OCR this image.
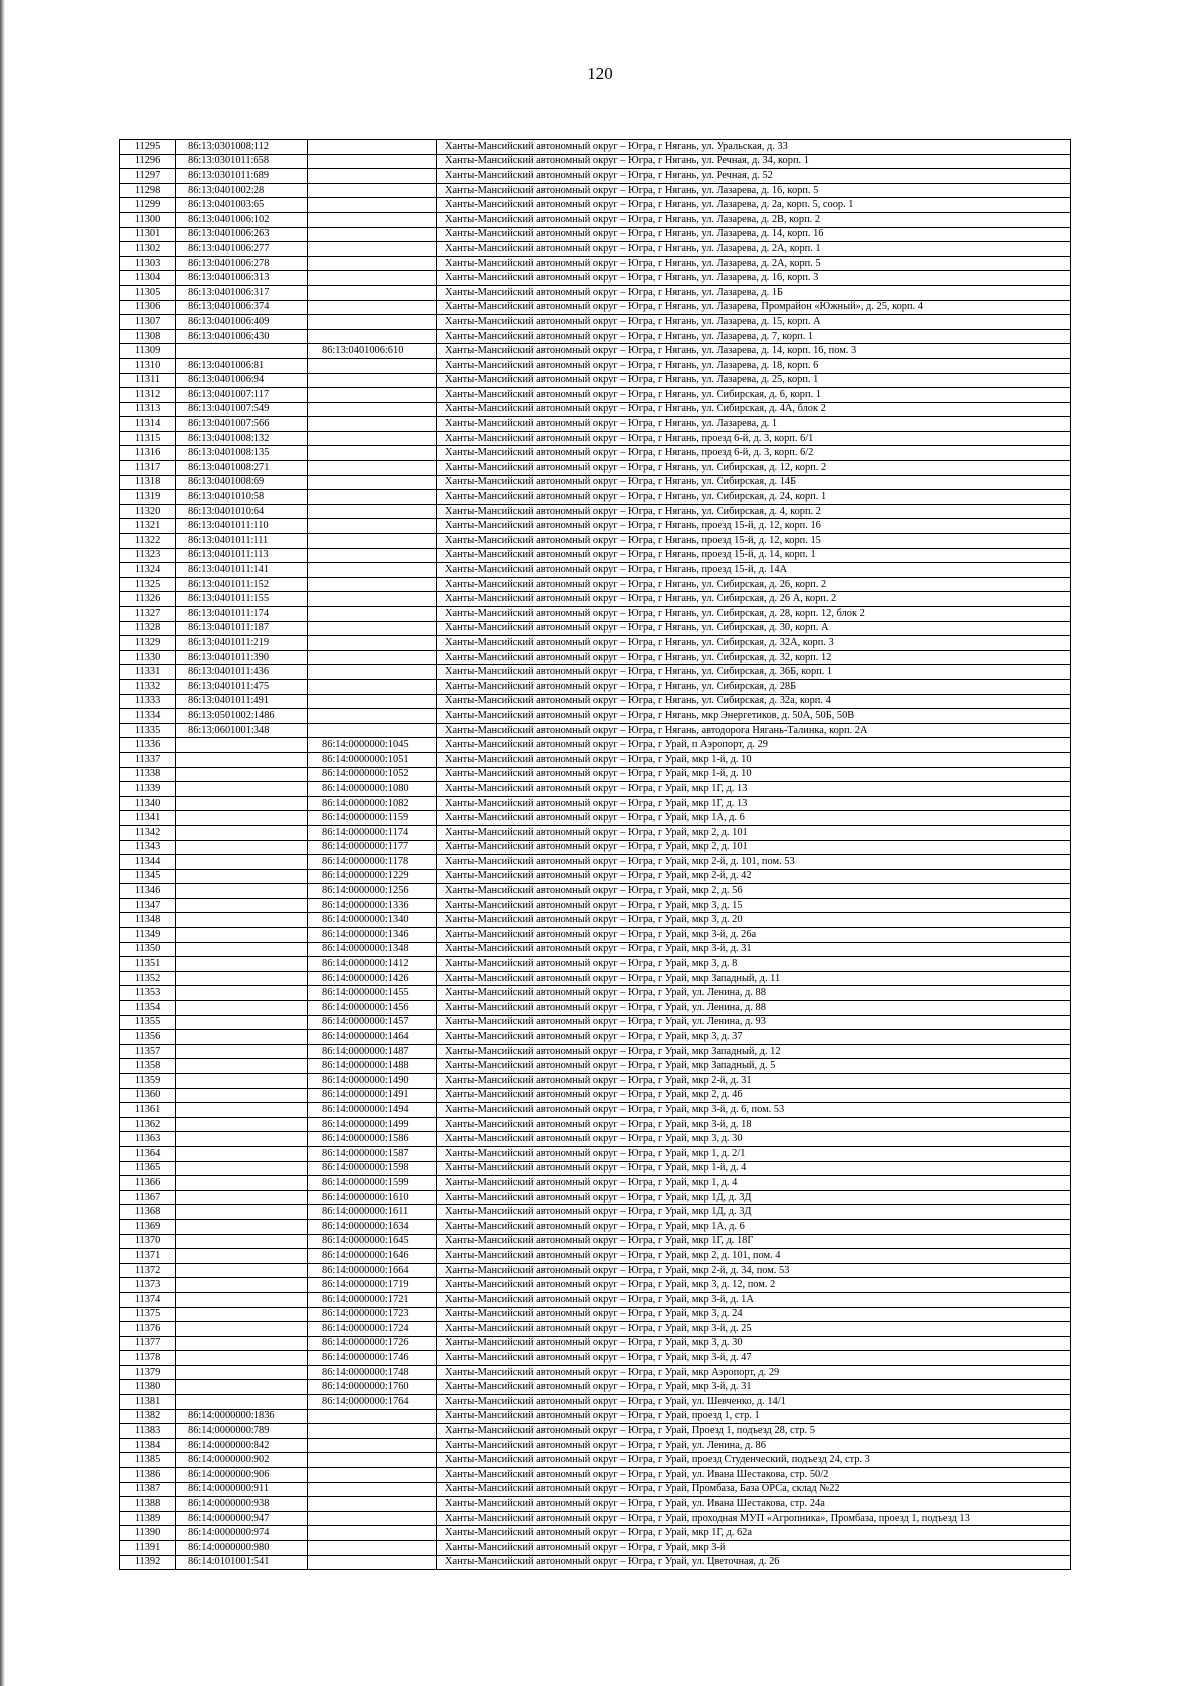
120
11295	86:13:0301008:112		Ханты-Мансийский автономный округ – Югра, г Нягань, ул. Уральская, д. 33
11296	86:13:0301011:658		Ханты-Мансийский автономный округ – Югра, г Нягань, ул. Речная, д. 34, корп. 1
11297	86:13:0301011:689		Ханты-Мансийский автономный округ – Югра, г Нягань, ул. Речная, д. 52
11298	86:13:0401002:28		Ханты-Мансийский автономный округ – Югра, г Нягань, ул. Лазарева, д. 16, корп. 5
11299	86:13:0401003:65		Ханты-Мансийский автономный округ – Югра, г Нягань, ул. Лазарева, д. 2а, корп. 5, соор. 1
11300	86:13:0401006:102		Ханты-Мансийский автономный округ – Югра, г Нягань, ул. Лазарева, д. 2В, корп. 2
11301	86:13:0401006:263		Ханты-Мансийский автономный округ – Югра, г Нягань, ул. Лазарева, д. 14, корп. 16
11302	86:13:0401006:277		Ханты-Мансийский автономный округ – Югра, г Нягань, ул. Лазарева, д. 2А, корп. 1
11303	86:13:0401006:278		Ханты-Мансийский автономный округ – Югра, г Нягань, ул. Лазарева, д. 2А, корп. 5
11304	86:13:0401006:313		Ханты-Мансийский автономный округ – Югра, г Нягань, ул. Лазарева, д. 16, корп. 3
11305	86:13:0401006:317		Ханты-Мансийский автономный округ – Югра, г Нягань, ул. Лазарева, д. 1Б
11306	86:13:0401006:374		Ханты-Мансийский автономный округ – Югра, г Нягань, ул. Лазарева, Промрайон «Южный», д. 25, корп. 4
11307	86:13:0401006:409		Ханты-Мансийский автономный округ – Югра, г Нягань, ул. Лазарева, д. 15, корп. А
11308	86:13:0401006:430		Ханты-Мансийский автономный округ – Югра, г Нягань, ул. Лазарева, д. 7, корп. 1
11309		86:13:0401006:610	Ханты-Мансийский автономный округ – Югра, г Нягань, ул. Лазарева, д. 14, корп. 16, пом. 3
11310	86:13:0401006:81		Ханты-Мансийский автономный округ – Югра, г Нягань, ул. Лазарева, д. 18, корп. 6
11311	86:13:0401006:94		Ханты-Мансийский автономный округ – Югра, г Нягань, ул. Лазарева, д. 25, корп. 1
11312	86:13:0401007:117		Ханты-Мансийский автономный округ – Югра, г Нягань, ул. Сибирская, д. 6, корп. 1
11313	86:13:0401007:549		Ханты-Мансийский автономный округ – Югра, г Нягань, ул. Сибирская, д. 4А, блок 2
11314	86:13:0401007:566		Ханты-Мансийский автономный округ – Югра, г Нягань, ул. Лазарева, д. 1
11315	86:13:0401008:132		Ханты-Мансийский автономный округ – Югра, г Нягань, проезд 6-й, д. 3, корп. 6/1
11316	86:13:0401008:135		Ханты-Мансийский автономный округ – Югра, г Нягань, проезд 6-й, д. 3, корп. 6/2
11317	86:13:0401008:271		Ханты-Мансийский автономный округ – Югра, г Нягань, ул. Сибирская, д. 12, корп. 2
11318	86:13:0401008:69		Ханты-Мансийский автономный округ – Югра, г Нягань, ул. Сибирская, д. 14Б
11319	86:13:0401010:58		Ханты-Мансийский автономный округ – Югра, г Нягань, ул. Сибирская, д. 24, корп. 1
11320	86:13:0401010:64		Ханты-Мансийский автономный округ – Югра, г Нягань, ул. Сибирская, д. 4, корп. 2
11321	86:13:0401011:110		Ханты-Мансийский автономный округ – Югра, г Нягань, проезд 15-й, д. 12, корп. 16
11322	86:13:0401011:111		Ханты-Мансийский автономный округ – Югра, г Нягань, проезд 15-й, д. 12, корп. 15
11323	86:13:0401011:113		Ханты-Мансийский автономный округ – Югра, г Нягань, проезд 15-й, д. 14, корп. 1
11324	86:13:0401011:141		Ханты-Мансийский автономный округ – Югра, г Нягань, проезд 15-й, д. 14А
11325	86:13:0401011:152		Ханты-Мансийский автономный округ – Югра, г Нягань, ул. Сибирская, д. 26, корп. 2
11326	86:13:0401011:155		Ханты-Мансийский автономный округ – Югра, г Нягань, ул. Сибирская, д. 26 А, корп. 2
11327	86:13:0401011:174		Ханты-Мансийский автономный округ – Югра, г Нягань, ул. Сибирская, д. 28, корп. 12, блок 2
11328	86:13:0401011:187		Ханты-Мансийский автономный округ – Югра, г Нягань, ул. Сибирская, д. 30, корп. А
11329	86:13:0401011:219		Ханты-Мансийский автономный округ – Югра, г Нягань, ул. Сибирская, д. 32А, корп. 3
11330	86:13:0401011:390		Ханты-Мансийский автономный округ – Югра, г Нягань, ул. Сибирская, д. 32, корп. 12
11331	86:13:0401011:436		Ханты-Мансийский автономный округ – Югра, г Нягань, ул. Сибирская, д. 36Б, корп. 1
11332	86:13:0401011:475		Ханты-Мансийский автономный округ – Югра, г Нягань, ул. Сибирская, д. 28Б
11333	86:13:0401011:491		Ханты-Мансийский автономный округ – Югра, г Нягань, ул. Сибирская, д. 32а, корп. 4
11334	86:13:0501002:1486		Ханты-Мансийский автономный округ – Югра, г Нягань, мкр Энергетиков, д. 50А, 50Б, 50В
11335	86:13:0601001:348		Ханты-Мансийский автономный округ – Югра, г Нягань, автодорога Нягань-Талинка, корп. 2А
11336		86:14:0000000:1045	Ханты-Мансийский автономный округ – Югра, г Урай, п Аэропорт, д. 29
11337		86:14:0000000:1051	Ханты-Мансийский автономный округ – Югра, г Урай, мкр 1-й, д. 10
11338		86:14:0000000:1052	Ханты-Мансийский автономный округ – Югра, г Урай, мкр 1-й, д. 10
11339		86:14:0000000:1080	Ханты-Мансийский автономный округ – Югра, г Урай, мкр 1Г, д. 13
11340		86:14:0000000:1082	Ханты-Мансийский автономный округ – Югра, г Урай, мкр 1Г, д. 13
11341		86:14:0000000:1159	Ханты-Мансийский автономный округ – Югра, г Урай, мкр 1А, д. 6
11342		86:14:0000000:1174	Ханты-Мансийский автономный округ – Югра, г Урай, мкр 2, д. 101
11343		86:14:0000000:1177	Ханты-Мансийский автономный округ – Югра, г Урай, мкр 2, д. 101
11344		86:14:0000000:1178	Ханты-Мансийский автономный округ – Югра, г Урай, мкр 2-й, д. 101, пом. 53
11345		86:14:0000000:1229	Ханты-Мансийский автономный округ – Югра, г Урай, мкр 2-й, д. 42
11346		86:14:0000000:1256	Ханты-Мансийский автономный округ – Югра, г Урай, мкр 2, д. 56
11347		86:14:0000000:1336	Ханты-Мансийский автономный округ – Югра, г Урай, мкр 3, д. 15
11348		86:14:0000000:1340	Ханты-Мансийский автономный округ – Югра, г Урай, мкр 3, д. 20
11349		86:14:0000000:1346	Ханты-Мансийский автономный округ – Югра, г Урай, мкр 3-й, д. 26а
11350		86:14:0000000:1348	Ханты-Мансийский автономный округ – Югра, г Урай, мкр 3-й, д. 31
11351		86:14:0000000:1412	Ханты-Мансийский автономный округ – Югра, г Урай, мкр 3, д. 8
11352		86:14:0000000:1426	Ханты-Мансийский автономный округ – Югра, г Урай, мкр Западный, д. 11
11353		86:14:0000000:1455	Ханты-Мансийский автономный округ – Югра, г Урай, ул. Ленина, д. 88
11354		86:14:0000000:1456	Ханты-Мансийский автономный округ – Югра, г Урай, ул. Ленина, д. 88
11355		86:14:0000000:1457	Ханты-Мансийский автономный округ – Югра, г Урай, ул. Ленина, д. 93
11356		86:14:0000000:1464	Ханты-Мансийский автономный округ – Югра, г Урай, мкр 3, д. 37
11357		86:14:0000000:1487	Ханты-Мансийский автономный округ – Югра, г Урай, мкр Западный, д. 12
11358		86:14:0000000:1488	Ханты-Мансийский автономный округ – Югра, г Урай, мкр Западный, д. 5
11359		86:14:0000000:1490	Ханты-Мансийский автономный округ – Югра, г Урай, мкр 2-й, д. 31
11360		86:14:0000000:1491	Ханты-Мансийский автономный округ – Югра, г Урай, мкр 2, д. 46
11361		86:14:0000000:1494	Ханты-Мансийский автономный округ – Югра, г Урай, мкр 3-й, д. 6, пом. 53
11362		86:14:0000000:1499	Ханты-Мансийский автономный округ – Югра, г Урай, мкр 3-й, д. 18
11363		86:14:0000000:1586	Ханты-Мансийский автономный округ – Югра, г Урай, мкр 3, д. 30
11364		86:14:0000000:1587	Ханты-Мансийский автономный округ – Югра, г Урай, мкр 1, д. 2/1
11365		86:14:0000000:1598	Ханты-Мансийский автономный округ – Югра, г Урай, мкр 1-й, д. 4
11366		86:14:0000000:1599	Ханты-Мансийский автономный округ – Югра, г Урай, мкр 1, д. 4
11367		86:14:0000000:1610	Ханты-Мансийский автономный округ – Югра, г Урай, мкр 1Д, д. 3Д
11368		86:14:0000000:1611	Ханты-Мансийский автономный округ – Югра, г Урай, мкр 1Д, д. 3Д
11369		86:14:0000000:1634	Ханты-Мансийский автономный округ – Югра, г Урай, мкр 1А, д. 6
11370		86:14:0000000:1645	Ханты-Мансийский автономный округ – Югра, г Урай, мкр 1Г, д. 18Г
11371		86:14:0000000:1646	Ханты-Мансийский автономный округ – Югра, г Урай, мкр 2, д. 101, пом. 4
11372		86:14:0000000:1664	Ханты-Мансийский автономный округ – Югра, г Урай, мкр 2-й, д. 34, пом. 53
11373		86:14:0000000:1719	Ханты-Мансийский автономный округ – Югра, г Урай, мкр 3, д. 12, пом. 2
11374		86:14:0000000:1721	Ханты-Мансийский автономный округ – Югра, г Урай, мкр 3-й, д. 1А
11375		86:14:0000000:1723	Ханты-Мансийский автономный округ – Югра, г Урай, мкр 3, д. 24
11376		86:14:0000000:1724	Ханты-Мансийский автономный округ – Югра, г Урай, мкр 3-й, д. 25
11377		86:14:0000000:1726	Ханты-Мансийский автономный округ – Югра, г Урай, мкр 3, д. 30
11378		86:14:0000000:1746	Ханты-Мансийский автономный округ – Югра, г Урай, мкр 3-й, д. 47
11379		86:14:0000000:1748	Ханты-Мансийский автономный округ – Югра, г Урай, мкр Аэропорт, д. 29
11380		86:14:0000000:1760	Ханты-Мансийский автономный округ – Югра, г Урай, мкр 3-й, д. 31
11381		86:14:0000000:1764	Ханты-Мансийский автономный округ – Югра, г Урай, ул. Шевченко, д. 14/1
11382	86:14:0000000:1836		Ханты-Мансийский автономный округ – Югра, г Урай, проезд 1, стр. 1
11383	86:14:0000000:789		Ханты-Мансийский автономный округ – Югра, г Урай, Проезд 1, подъезд 28, стр. 5
11384	86:14:0000000:842		Ханты-Мансийский автономный округ – Югра, г Урай, ул. Ленина, д. 86
11385	86:14:0000000:902		Ханты-Мансийский автономный округ – Югра, г Урай, проезд Студенческий, подъезд 24, стр. 3
11386	86:14:0000000:906		Ханты-Мансийский автономный округ – Югра, г Урай, ул. Ивана Шестакова, стр. 50/2
11387	86:14:0000000:911		Ханты-Мансийский автономный округ – Югра, г Урай, Промбаза, База ОРСа, склад №22
11388	86:14:0000000:938		Ханты-Мансийский автономный округ – Югра, г Урай, ул. Ивана Шестакова, стр. 24а
11389	86:14:0000000:947		Ханты-Мансийский автономный округ – Югра, г Урай, проходная МУП «Агропника», Промбаза, проезд 1, подъезд 13
11390	86:14:0000000:974		Ханты-Мансийский автономный округ – Югра, г Урай, мкр 1Г, д. 62а
11391	86:14:0000000:980		Ханты-Мансийский автономный округ – Югра, г Урай, мкр 3-й
11392	86:14:0101001:541		Ханты-Мансийский автономный округ – Югра, г Урай, ул. Цветочная, д. 26
